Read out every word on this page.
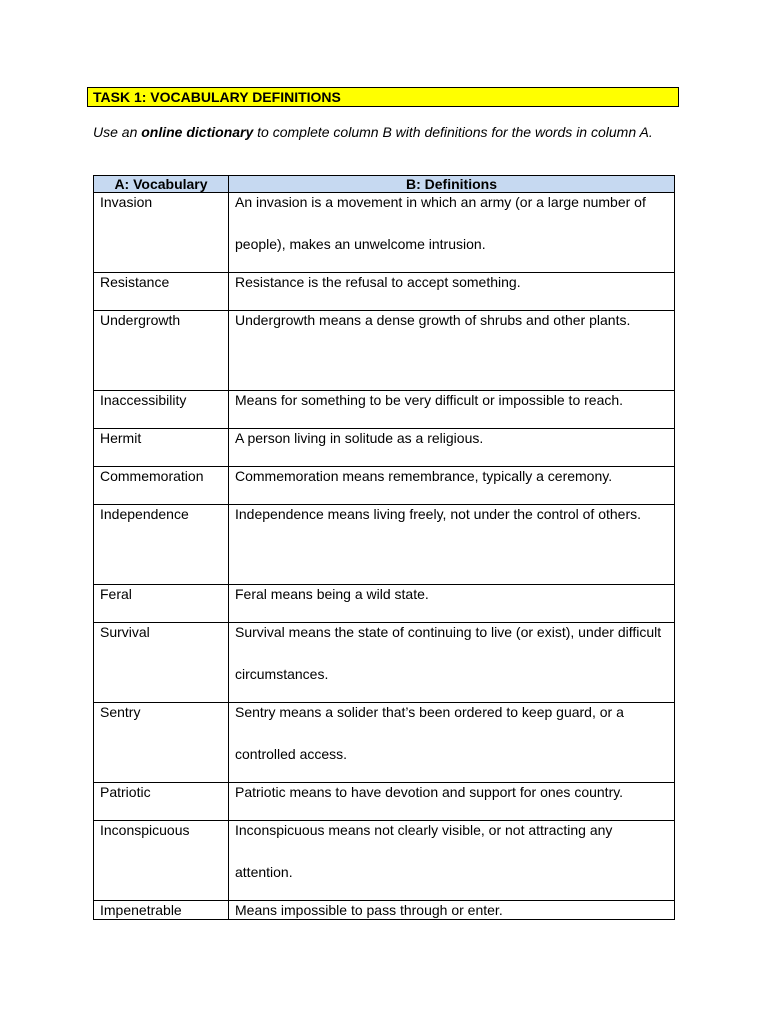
TASK 1: VOCABULARY DEFINITIONS
Use an online dictionary to complete column B with definitions for the words in column A.
A: Vocabulary	B: Definitions
Invasion	An invasion is a movement in which an army (or a large number of people), makes an unwelcome intrusion.

Resistance	Resistance is the refusal to accept something.

Undergrowth	Undergrowth means a dense growth of shrubs and other plants.

Inaccessibility	Means for something to be very difficult or impossible to reach.

Hermit	A person living in solitude as a religious.

Commemoration	Commemoration means remembrance, typically a ceremony.

Independence	Independence means living freely, not under the control of others.

Feral	Feral means being a wild state.

Survival	Survival means the state of continuing to live (or exist), under difficult circumstances.

Sentry	Sentry means a solider that’s been ordered to keep guard, or a controlled access.

Patriotic	Patriotic means to have devotion and support for ones country.

Inconspicuous	Inconspicuous means not clearly visible, or not attracting any attention.

Impenetrable	Means impossible to pass through or enter.
